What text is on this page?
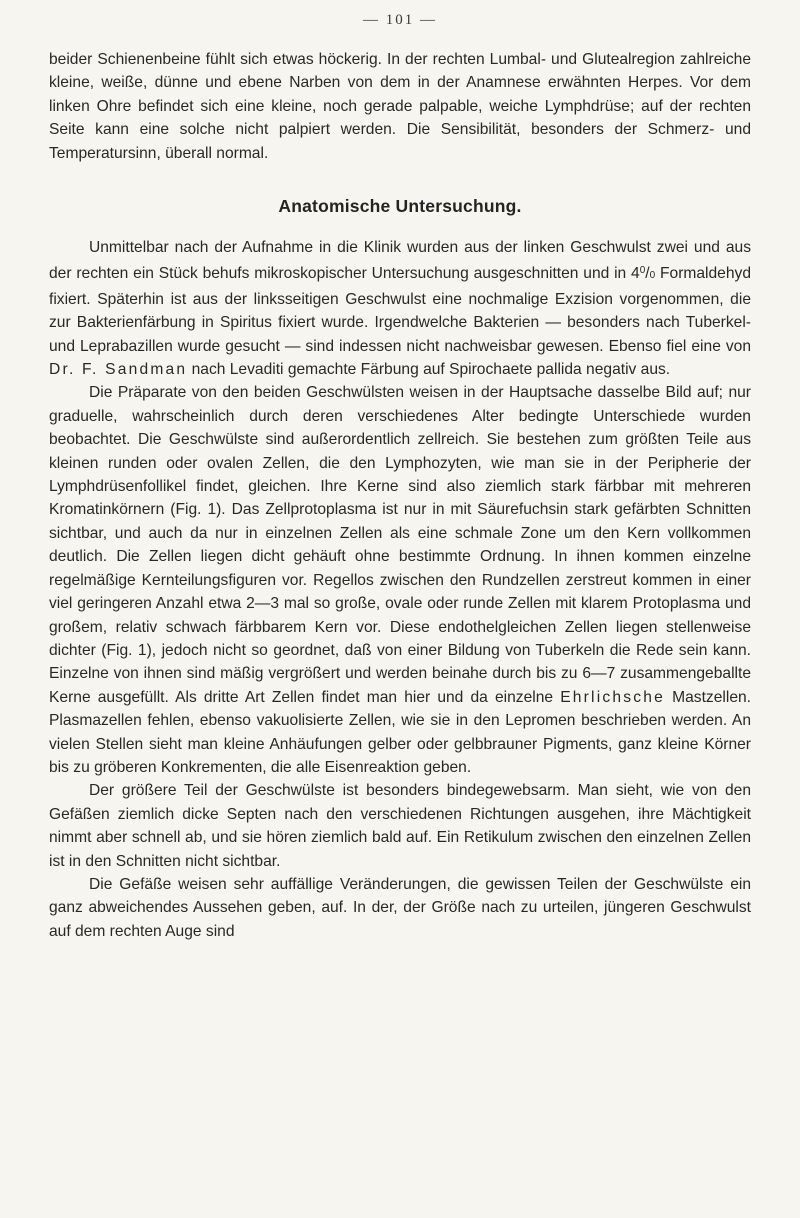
— 101 —

beider Schienenbeine fühlt sich etwas höckerig. In der rechten Lumbal- und Glutealregion zahlreiche kleine, weiße, dünne und ebene Narben von dem in der Anamnese erwähnten Herpes. Vor dem linken Ohre befindet sich eine kleine, noch gerade palpable, weiche Lymphdrüse; auf der rechten Seite kann eine solche nicht palpiert werden. Die Sensibilität, besonders der Schmerz- und Temperatursinn, überall normal.

Anatomische Untersuchung.

Unmittelbar nach der Aufnahme in die Klinik wurden aus der linken Geschwulst zwei und aus der rechten ein Stück behufs mikroskopischer Untersuchung ausgeschnitten und in $4^0/0$ Formaldehyd fixiert. Späterhin ist aus der linksseitigen Geschwulst eine nochmalige Exzision vorgenommen, die zur Bakterienfärbung in Spiritus fixiert wurde. Irgendwelche Bakterien — besonders nach Tuberkel- und Leprabazillen wurde gesucht — sind indessen nicht nachweisbar gewesen. Ebenso fiel eine von Dr. F. Sandman nach Levaditi gemachte Färbung auf Spirochaete pallida negativ aus.

Die Präparate von den beiden Geschwülsten weisen in der Hauptsache dasselbe Bild auf; nur graduelle, wahrscheinlich durch deren verschiedenes Alter bedingte Unterschiede wurden beobachtet. Die Geschwülste sind außerordentlich zellreich. Sie bestehen zum größten Teile aus kleinen runden oder ovalen Zellen, die den Lymphozyten, wie man sie in der Peripherie der Lymphdrüsenfollikel findet, gleichen. Ihre Kerne sind also ziemlich stark färbbar mit mehreren Kromatinkörnern (Fig. 1). Das Zellprotoplasma ist nur in mit Säurefuchsin stark gefärbten Schnitten sichtbar, und auch da nur in einzelnen Zellen als eine schmale Zone um den Kern vollkommen deutlich. Die Zellen liegen dicht gehäuft ohne bestimmte Ordnung. In ihnen kommen einzelne regelmäßige Kernteilungsfiguren vor. Regellos zwischen den Rundzellen zerstreut kommen in einer viel geringeren Anzahl etwa 2—3 mal so große, ovale oder runde Zellen mit klarem Protoplasma und großem, relativ schwach färbbarem Kern vor. Diese endothelgleichen Zellen liegen stellenweise dichter (Fig. 1), jedoch nicht so geordnet, daß von einer Bildung von Tuberkeln die Rede sein kann. Einzelne von ihnen sind mäßig vergrößert und werden beinahe durch bis zu 6—7 zusammengeballte Kerne ausgefüllt. Als dritte Art Zellen findet man hier und da einzelne Ehrlichsche Mastzellen. Plasmazellen fehlen, ebenso vakuolisierte Zellen, wie sie in den Lepromen beschrieben werden. An vielen Stellen sieht man kleine Anhäufungen gelber oder gelbbrauner Pigments, ganz kleine Körner bis zu gröberen Konkrementen, die alle Eisenreaktion geben.

Der größere Teil der Geschwülste ist besonders bindegewebsarm. Man sieht, wie von den Gefäßen ziemlich dicke Septen nach den verschiedenen Richtungen ausgehen, ihre Mächtigkeit nimmt aber schnell ab, und sie hören ziemlich bald auf. Ein Retikulum zwischen den einzelnen Zellen ist in den Schnitten nicht sichtbar.

Die Gefäße weisen sehr auffällige Veränderungen, die gewissen Teilen der Geschwülste ein ganz abweichendes Aussehen geben, auf. In der, der Größe nach zu urteilen, jüngeren Geschwulst auf dem rechten Auge sind
